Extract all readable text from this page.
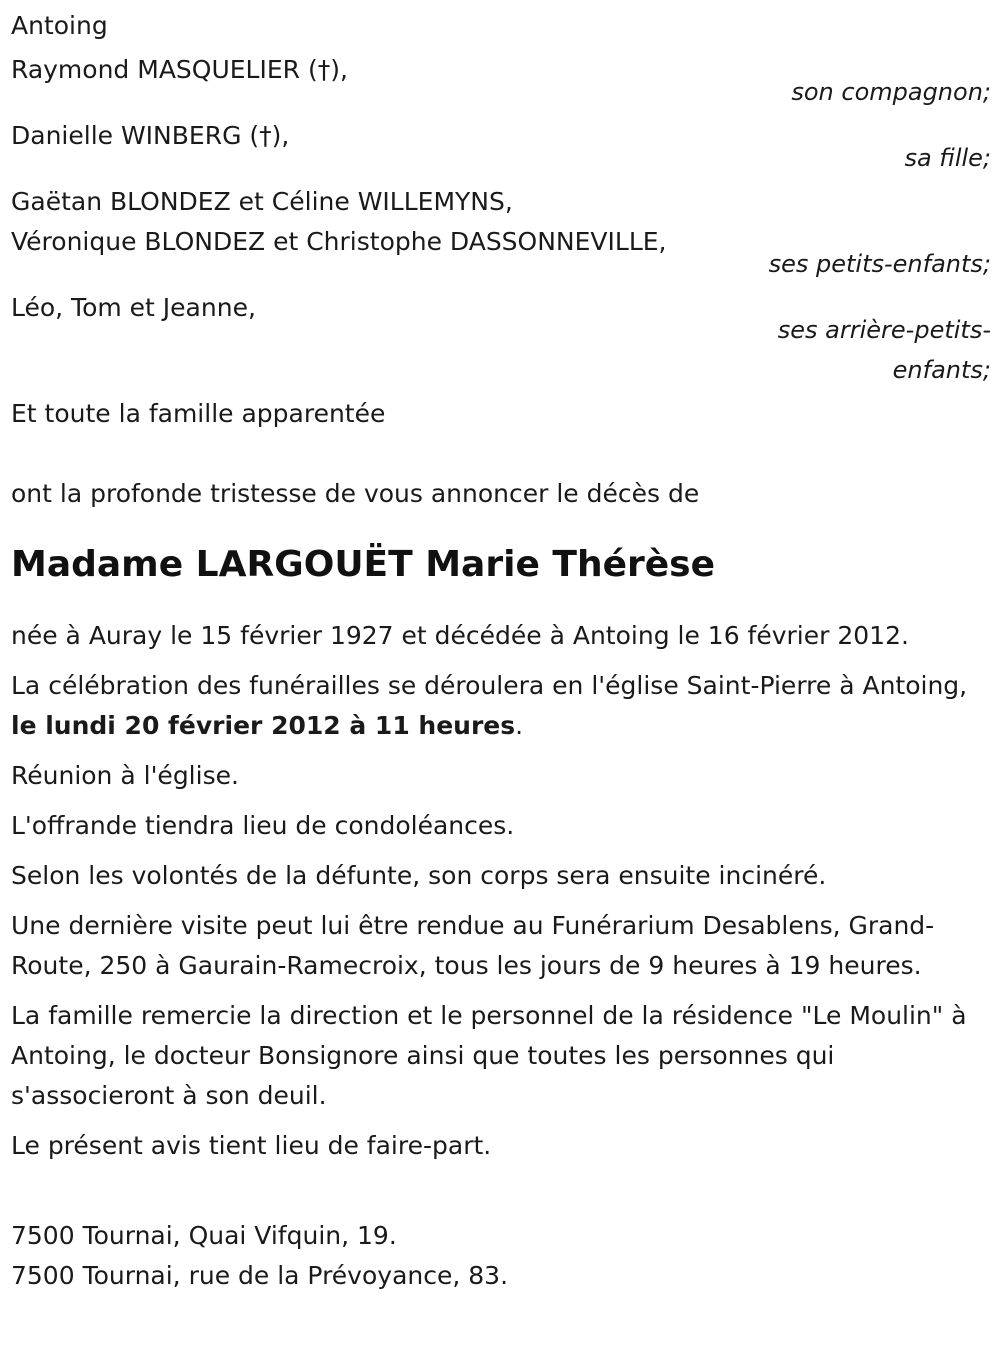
Antoing
Raymond MASQUELIER (†),
son compagnon;
Danielle WINBERG (†),
sa fille;
Gaëtan BLONDEZ et Céline WILLEMYNS,
Véronique BLONDEZ et Christophe DASSONNEVILLE,
ses petits-enfants;
Léo, Tom et Jeanne,
ses arrière-petits-enfants;
Et toute la famille apparentée
ont la profonde tristesse de vous annoncer le décès de
Madame LARGOUËT Marie Thérèse
née à Auray le 15 février 1927 et décédée à Antoing le 16 février 2012.
La célébration des funérailles se déroulera en l'église Saint-Pierre à Antoing, le lundi 20 février 2012 à 11 heures.
Réunion à l'église.
L'offrande tiendra lieu de condoléances.
Selon les volontés de la défunte, son corps sera ensuite incinéré.
Une dernière visite peut lui être rendue au Funérarium Desablens, Grand-Route, 250 à Gaurain-Ramecroix, tous les jours de 9 heures à 19 heures.
La famille remercie la direction et le personnel de la résidence "Le Moulin" à Antoing, le docteur Bonsignore ainsi que toutes les personnes qui s'associeront à son deuil.
Le présent avis tient lieu de faire-part.
7500 Tournai, Quai Vifquin, 19.
7500 Tournai, rue de la Prévoyance, 83.
